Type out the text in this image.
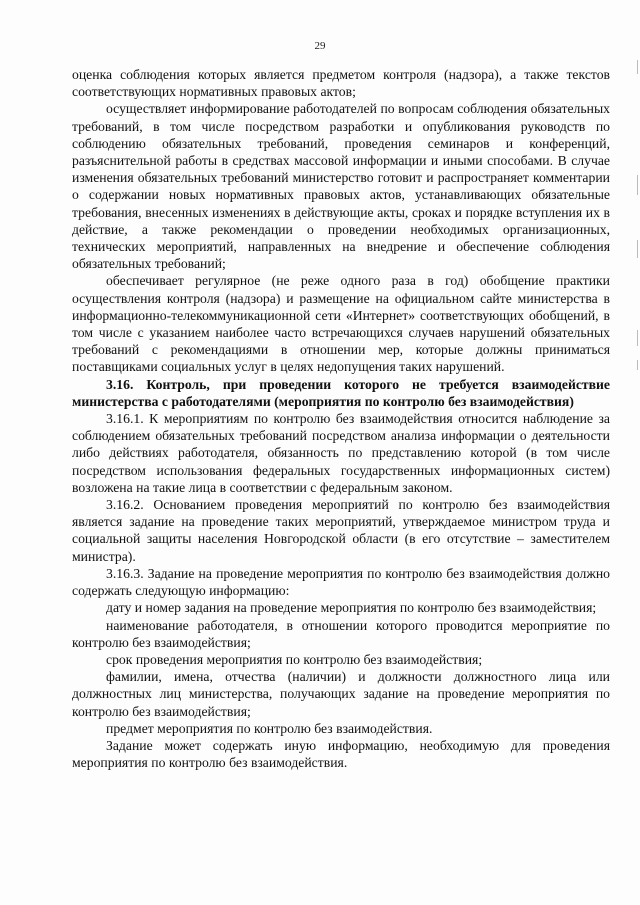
29

оценка соблюдения которых является предметом контроля (надзора), а также текстов соответствующих нормативных правовых актов;

осуществляет информирование работодателей по вопросам соблюдения обязательных требований, в том числе посредством разработки и опубликования руководств по соблюдению обязательных требований, проведения семинаров и конференций, разъяснительной работы в средствах массовой информации и иными способами. В случае изменения обязательных требований министерство готовит и распространяет комментарии о содержании новых нормативных правовых актов, устанавливающих обязательные требования, внесенных изменениях в действующие акты, сроках и порядке вступления их в действие, а также рекомендации о проведении необходимых организационных, технических мероприятий, направленных на внедрение и обеспечение соблюдения обязательных требований;

обеспечивает регулярное (не реже одного раза в год) обобщение практики осуществления контроля (надзора) и размещение на официальном сайте министерства в информационно-телекоммуникационной сети «Интернет» соответствующих обобщений, в том числе с указанием наиболее часто встречающихся случаев нарушений обязательных требований с рекомендациями в отношении мер, которые должны приниматься поставщиками социальных услуг в целях недопущения таких нарушений.

3.16. Контроль, при проведении которого не требуется взаимодействие министерства с работодателями (мероприятия по контролю без взаимодействия)

3.16.1. К мероприятиям по контролю без взаимодействия относится наблюдение за соблюдением обязательных требований посредством анализа информации о деятельности либо действиях работодателя, обязанность по представлению которой (в том числе посредством использования федеральных государственных информационных систем) возложена на такие лица в соответствии с федеральным законом.

3.16.2. Основанием проведения мероприятий по контролю без взаимодействия является задание на проведение таких мероприятий, утверждаемое министром труда и социальной защиты населения Новгородской области (в его отсутствие – заместителем министра).

3.16.3. Задание на проведение мероприятия по контролю без взаимодействия должно содержать следующую информацию:

дату и номер задания на проведение мероприятия по контролю без взаимодействия;

наименование работодателя, в отношении которого проводится мероприятие по контролю без взаимодействия;

срок проведения мероприятия по контролю без взаимодействия;

фамилии, имена, отчества (наличии) и должности должностного лица или должностных лиц министерства, получающих задание на проведение мероприятия по контролю без взаимодействия;

предмет мероприятия по контролю без взаимодействия.

Задание может содержать иную информацию, необходимую для проведения мероприятия по контролю без взаимодействия.
